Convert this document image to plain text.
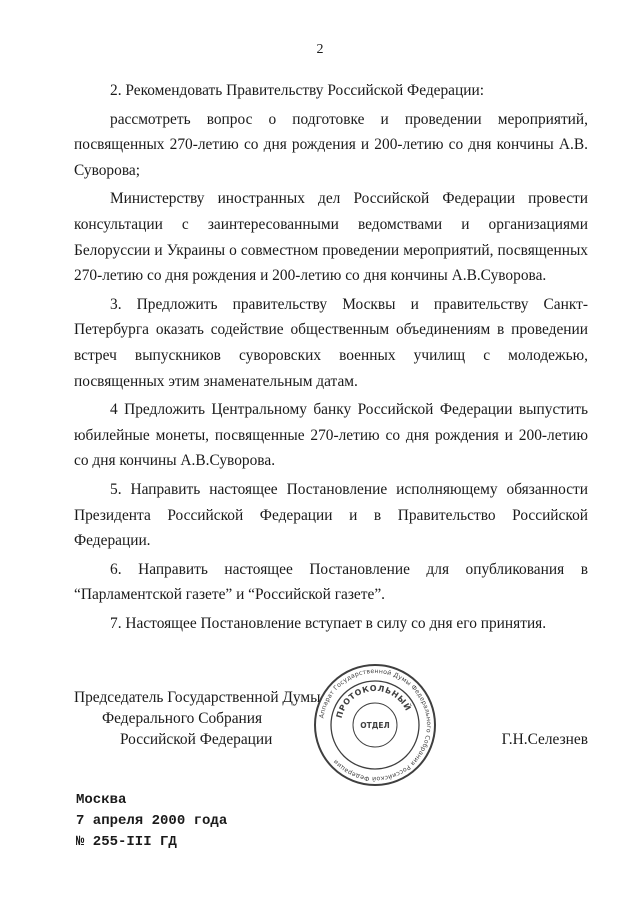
2

2. Рекомендовать Правительству Российской Федерации:

рассмотреть вопрос о подготовке и проведении мероприятий, посвященных 270-летию со дня рождения и 200-летию со дня кончины А.В. Суворова;

Министерству иностранных дел Российской Федерации провести консультации с заинтересованными ведомствами и организациями Белоруссии и Украины о совместном проведении мероприятий, посвященных 270-летию со дня рождения и 200-летию со дня кончины А.В.Суворова.

3. Предложить правительству Москвы и правительству Санкт-Петербурга оказать содействие общественным объединениям в проведении встреч выпускников суворовских военных училищ с молодежью, посвященных этим знаменательным датам.

4 Предложить Центральному банку Российской Федерации выпустить юбилейные монеты, посвященные 270-летию со дня рождения и 200-летию со дня кончины А.В.Суворова.

5. Направить настоящее Постановление исполняющему обязанности Президента Российской Федерации и в Правительство Российской Федерации.

6. Направить настоящее Постановление для опубликования в “Парламентской газете” и “Российской газете”.

7. Настоящее Постановление вступает в силу со дня его принятия.

Председатель Государственной Думы
Федерального Собрания
Российской Федерации	Г.Н.Селезнев
Аппарат Государственной Думы Федерального Собрания Российской Федерации
ПРОТОКОЛЬНЫЙ
ОТДЕЛ
Москва
7 апреля 2000 года
№ 255-III ГД
